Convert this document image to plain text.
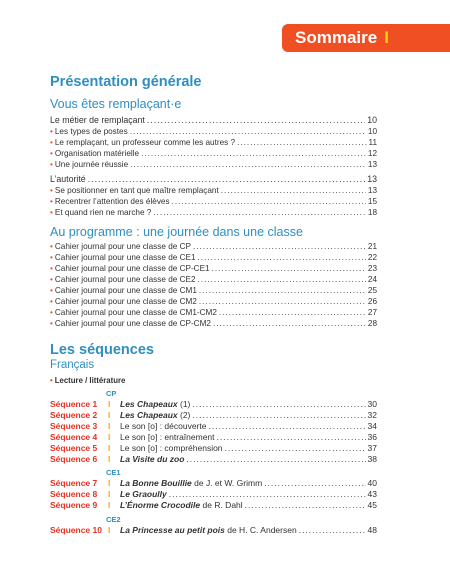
Sommaire I
Présentation générale
Vous êtes remplaçant·e
Le métier de remplaçant .....	10
• Les types de postes .....	10
• Le remplaçant, un professeur comme les autres ? .....	11
• Organisation matérielle .....	12
• Une journée réussie .....	13
L’autorité .....	13
• Se positionner en tant que maître remplaçant .....	13
• Recentrer l’attention des élèves .....	15
• Et quand rien ne marche ? .....	18
Au programme : une journée dans une classe
• Cahier journal pour une classe de CP .....	21
• Cahier journal pour une classe de CE1 .....	22
• Cahier journal pour une classe de CP-CE1 .....	23
• Cahier journal pour une classe de CE2 .....	24
• Cahier journal pour une classe de CM1 .....	25
• Cahier journal pour une classe de CM2 .....	26
• Cahier journal pour une classe de CM1-CM2 .....	27
• Cahier journal pour une classe de CP-CM2 .....	28
Les séquences
Français
• Lecture / littérature
CP
Séquence 1	I	Les Chapeaux (1) .....	30
Séquence 2	I	Les Chapeaux (2) .....	32
Séquence 3	I	Le son [o] : découverte .....	34
Séquence 4	I	Le son [o] : entraînement .....	36
Séquence 5	I	Le son [o] : compréhension .....	37
Séquence 6	I	La Visite du zoo .....	38
CE1
Séquence 7	I	La Bonne Bouillie de J. et W. Grimm .....	40
Séquence 8	I	Le Graoully .....	43
Séquence 9	I	L’Énorme Crocodile de R. Dahl .....	45
CE2
Séquence 10 I	La Princesse au petit pois de H. C. Andersen .....	48
